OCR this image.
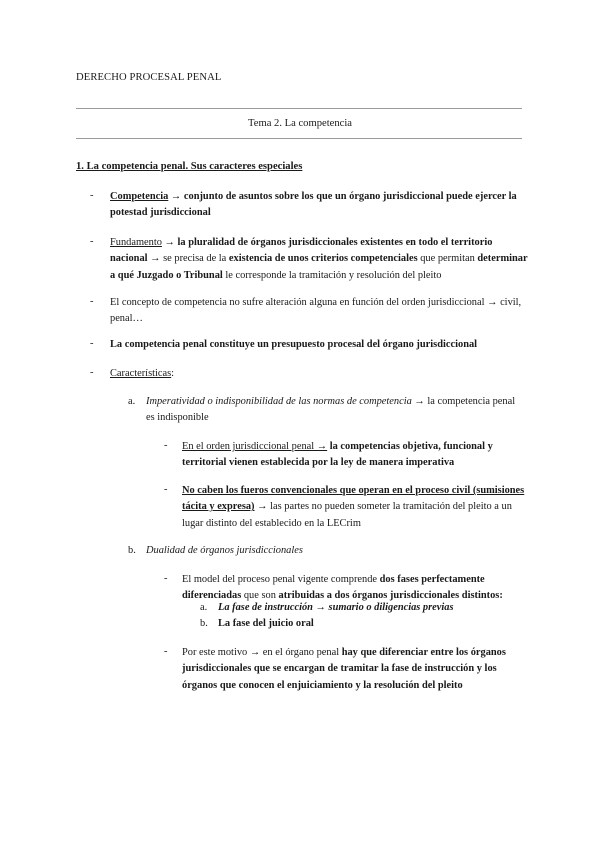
DERECHO PROCESAL PENAL
Tema 2. La competencia
1. La competencia penal. Sus caracteres especiales
-	Competencia → conjunto de asuntos sobre los que un órgano jurisdiccional puede ejercer la potestad jurisdiccional
-	Fundamento → la pluralidad de órganos jurisdiccionales existentes en todo el territorio nacional → se precisa de la existencia de unos criterios competenciales que permitan determinar a qué Juzgado o Tribunal le corresponde la tramitación y resolución del pleito
-	El concepto de competencia no sufre alteración alguna en función del orden jurisdiccional → civil, penal…
-	La competencia penal constituye un presupuesto procesal del órgano jurisdiccional
-	Características:
a. Imperatividad o indisponibilidad de las normas de competencia → la competencia penal es indisponible
-	En el orden jurisdiccional penal → la competencias objetiva, funcional y territorial vienen establecida por la ley de manera imperativa
-	No caben los fueros convencionales que operan en el proceso civil (sumisiones tácita y expresa) → las partes no pueden someter la tramitación del pleito a un lugar distinto del establecido en la LECrim
b. Dualidad de órganos jurisdiccionales
-	El model del proceso penal vigente comprende dos fases perfectamente diferenciadas que son atribuidas a dos órganos jurisdiccionales distintos:
a. La fase de instrucción → sumario o diligencias previas
b. La fase del juicio oral
-	Por este motivo → en el órgano penal hay que diferenciar entre los órganos jurisdiccionales que se encargan de tramitar la fase de instrucción y los órganos que conocen el enjuiciamiento y la resolución del pleito
